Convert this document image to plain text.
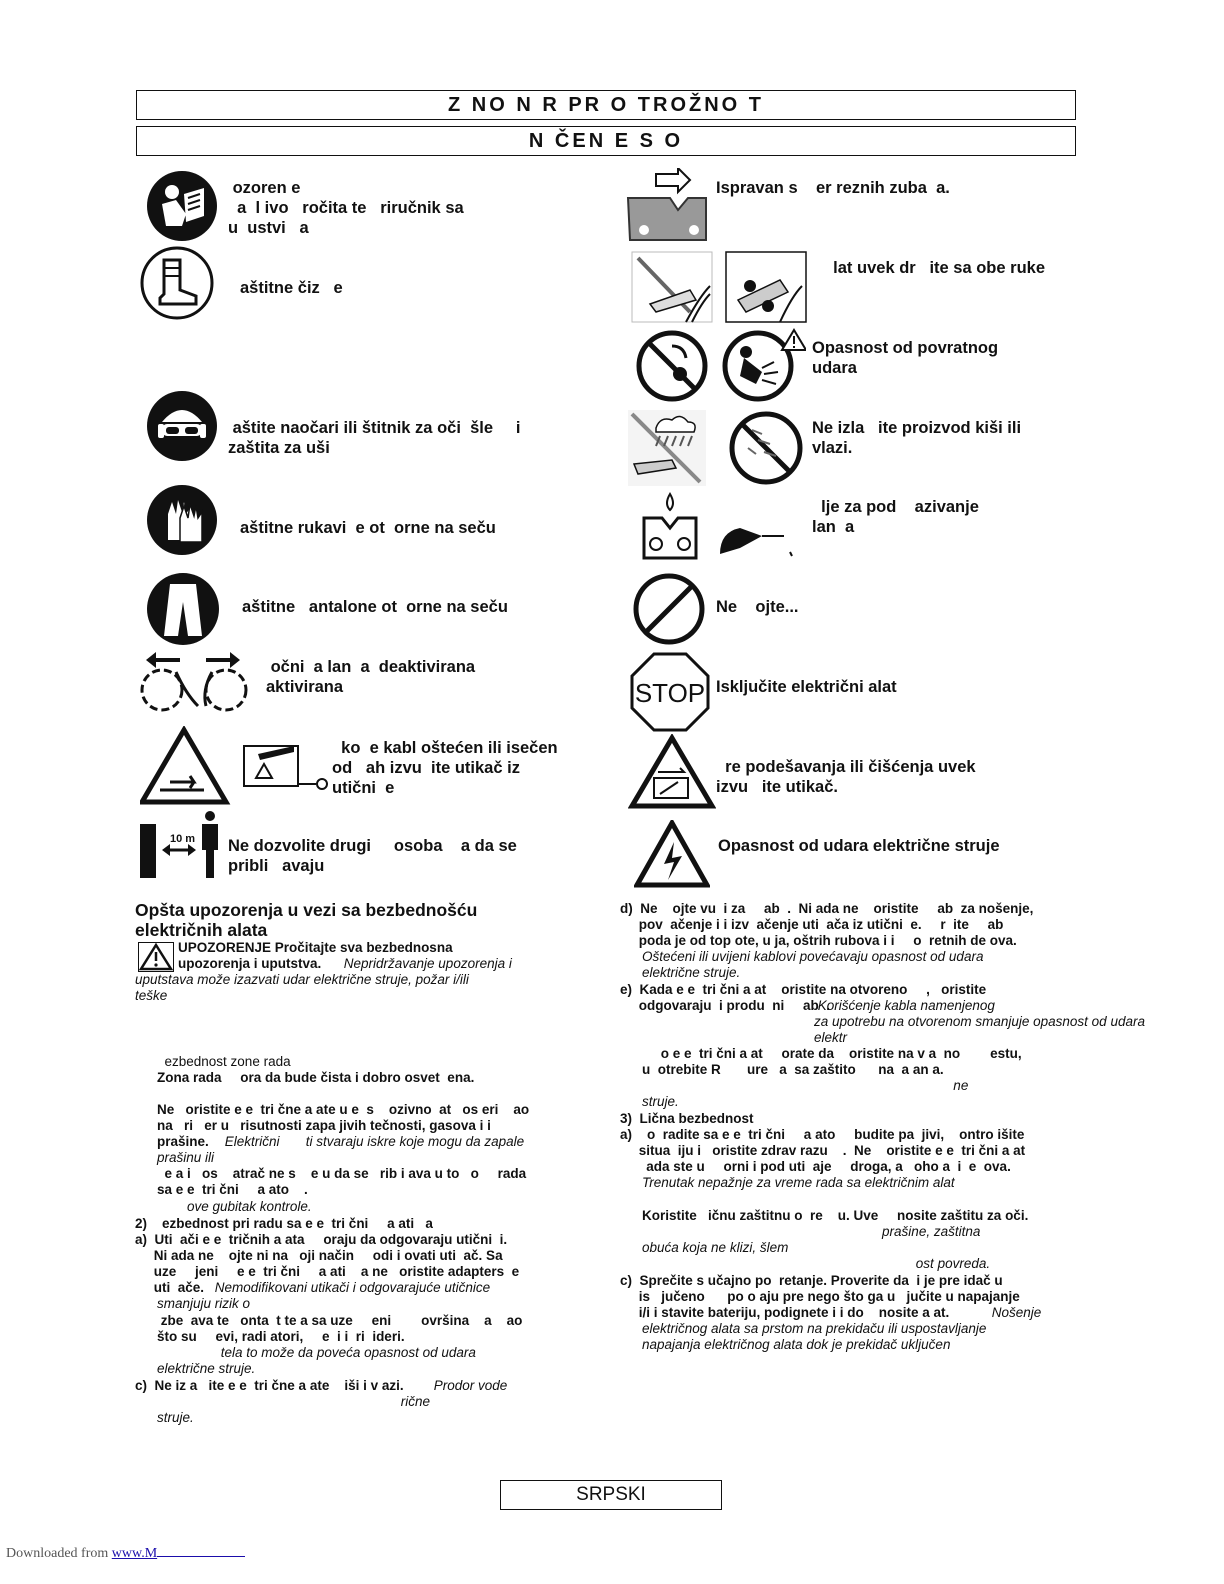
Z NO N R PR O TROŽNO T
N ČEN E S O
ozoren e
a  l ivo   ročita te   riručnik sa
u  ustvi   a
aštitne čiz   e
aštite naočari ili štitnik za oči  šle     i
zaštita za uši
aštitne rukavi  e ot  orne na seču
aštitne   antalone ot  orne na seču
očni  a lan  a  deaktivirana
aktivirana
ko  e kabl oštećen ili isečen
od   ah izvu  ite utikač iz
utični  e
10 m Ne dozvolite drugi     osoba    a da se
pribli   avaju
Ispravan s    er reznih zuba  a.
lat uvek dr   ite sa obe ruke
Opasnost od povratnog
udara
Ne izla   ite proizvod kiši ili
vlazi.
lje za pod    azivanje
lan  a
Ne    ojte...
STOP Isključite električni alat
re podešavanja ili čišćenja uvek
izvu   ite utikač.
Opasnost od udara električne struje
Opšta upozorenja u vezi sa bezbednošću
električnih alata
UPOZORENJE Pročitajte sva bezbednosna
upozorenja i uputstva.	Nepridržavanje upozorenja i
uputstava može izazvati udar električne struje, požar i/ili
teške
ezbednost zone rada
Zona rada     ora da bude čista i dobro osvet  ena.
Ne   oristite e e  tri čne a ate u e  s    ozivno  at   os eri    ao
na   ri   er u   risutnosti zapa jivih tečnosti, gasova i i
prašine.	Električni       ti stvaraju iskre koje mogu da zapale
prašinu ili
e a i   os    atrač ne s    e u da se   rib i ava u to   o     rada
sa e e  tri čni     a ato    .
ove gubitak kontrole.
2)    ezbednost pri radu sa e e  tri čni     a ati   a
a)  Uti  ači e e  tričnih a ata     oraju da odgovaraju utični  i.
Ni ada ne    ojte ni na   oji način     odi i ovati uti  ač. Sa
uze     jeni     e e  tri čni     a ati    a ne   oristite adapters  e
uti  ače. Nemodifikovani utikači i odgovarajuće utičnice
smanjuju rizik o
zbe  ava te   onta  t te a sa uze     eni        ovršina    a    ao
što su     evi, radi atori,     e  i i  ri  ideri.
tela to može da poveća opasnost od udara
električne struje.
c)  Ne iz a   ite e e  tri čne a ate    iši i v azi. Prodor vode
rične
struje.
d)  Ne    ojte vu  i za     ab  .  Ni ada ne    oristite     ab  za nošenje,
pov  ačenje i i izv  ačenje uti  ača iz utični  e.     r  ite     ab
poda je od top ote, u ja, oštrih rubova i i     o  retnih de ova.
Oštećeni ili uvijeni kablovi povećavaju opasnost od udara
električne struje.
e)  Kada e e  tri čni a at    oristite na otvoreno     ,   oristite
odgovaraju  i produ  ni     ab  .
Korišćenje kabla namenjenog
za upotrebu na otvorenom smanjuje opasnost od udara
elektr
o e e  tri čni a at     orate da    oristite na v a  no        estu,
u  otrebite R       ure   a  sa zaštito      na  a an a.
ne
struje.
3)  Lična bezbednost
a)    o  radite sa e e  tri čni     a ato     budite pa  jivi,    ontro išite
situa  iju i   oristite zdrav razu    .  Ne    oristite e e  tri čni a at
ada ste u     orni i pod uti  aje     droga, a   oho a  i  e  ova.
Trenutak nepažnje za vreme rada sa električnim alat
Koristite   ičnu zaštitnu o  re    u. Uve     nosite zaštitu za oči.
prašine, zaštitna
obuća koja ne klizi, šlem
ost povreda.
c)  Sprečite s učajno po  retanje. Proverite da  i je pre idač u
is   jučeno      po o aju pre nego što ga u   jučite u napajanje
i/i i stavite bateriju, podignete i i do    nosite a at.	Nošenje
električnog alata sa prstom na prekidaču ili uspostavljanje
napajanja električnog alata dok je prekidač uključen
SRPSKI
Downloaded from www.M
